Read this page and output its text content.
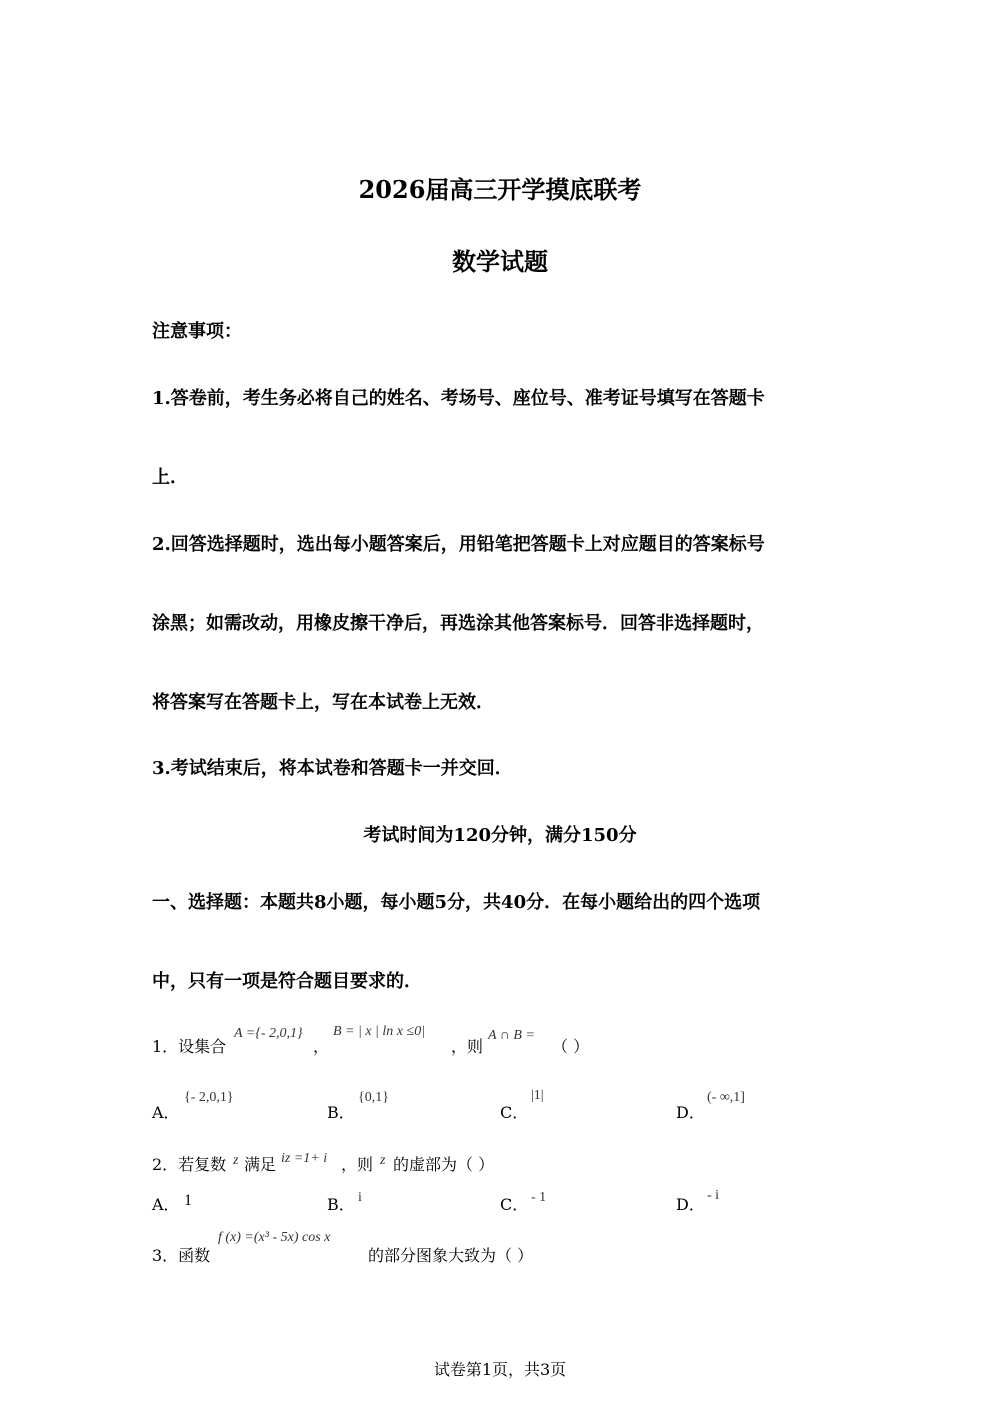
2026届高三开学摸底联考
数学试题
注意事项：
1.答卷前，考生务必将自己的姓名、考场号、座位号、准考证号填写在答题卡
上．
2.回答选择题时，选出每小题答案后，用铅笔把答题卡上对应题目的答案标号
涂黑；如需改动，用橡皮擦干净后，再选涂其他答案标号．回答非选择题时，
将答案写在答题卡上，写在本试卷上无效．
3.考试结束后，将本试卷和答题卡一并交回．
考试时间为120分钟，满分150分
一、选择题：本题共8小题，每小题5分，共40分．在每小题给出的四个选项
中，只有一项是符合题目要求的．
1．设集合
A ={- 2,0,1}
，
B = | x | ln x ≤0|
，则
A ∩ B =
（ ）
A．
{- 2,0,1}
B．
{0,1}
C．
|1|
D．
(- ∞,1]
2．若复数 z 满足 iz =1+ i ，则 z 的虚部为（ ）
A． 1	B． i	C． - 1	D． - i
3．函数
f (x) =(x³ - 5x) cos x
的部分图象大致为（ ）
试卷第1页，共3页
